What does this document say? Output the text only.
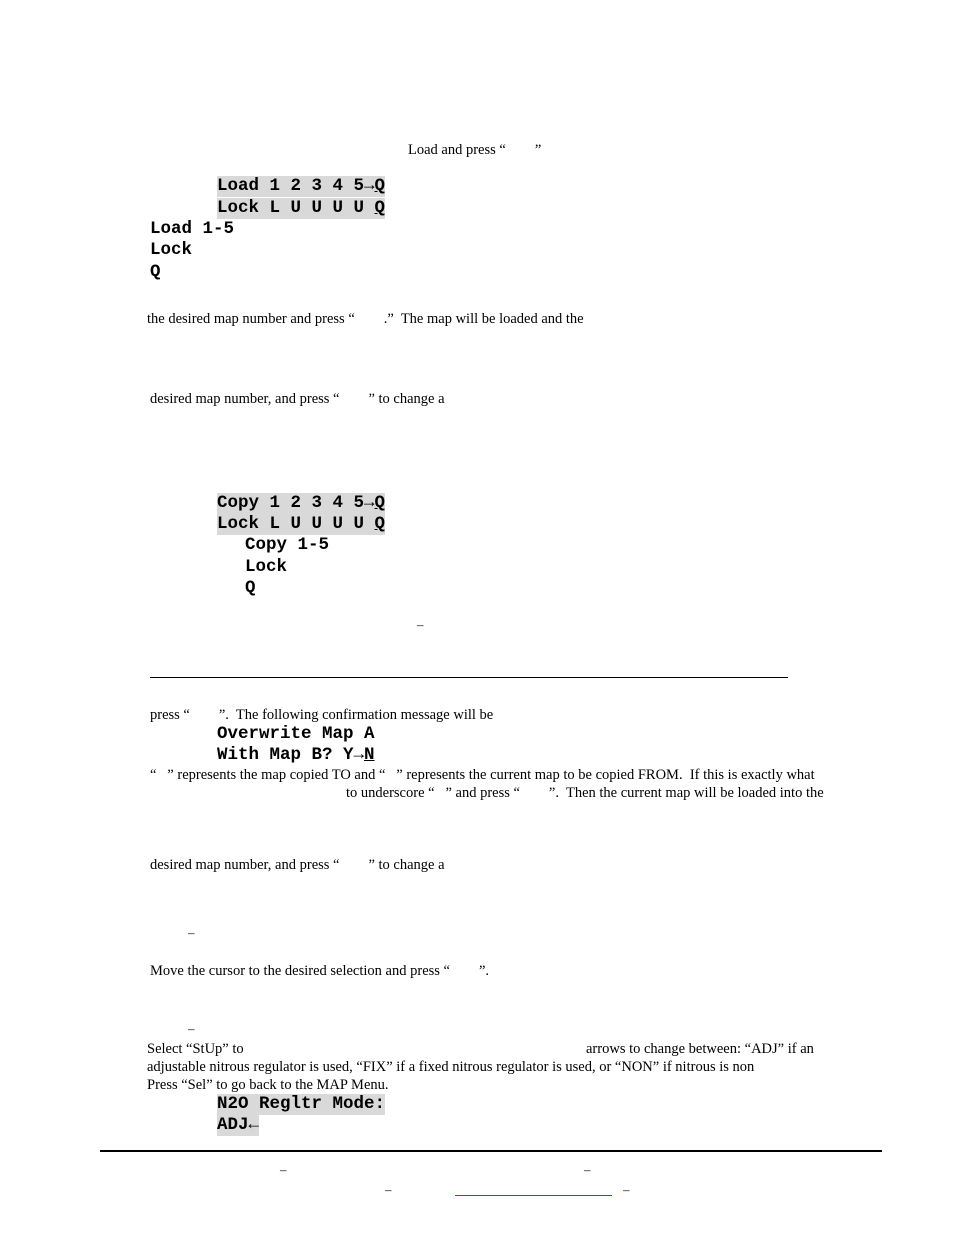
Load and press “        ”
Load 1 2 3 4 5→Q
Lock L U U U U Q
Load 1-5
Lock
Q
the desired map number and press “        .”  The map will be loaded and the
desired map number, and press “        ” to change a
Copy 1 2 3 4 5→Q
Lock L U U U U Q
Copy 1-5
Lock
Q
–
press “        ”.  The following confirmation message will be
Overwrite Map A
With Map B? Y→N
“   ” represents the map copied TO and “   ” represents the current map to be copied FROM.  If this is exactly what
to underscore “   ” and press “        ”.  Then the current map will be loaded into the
desired map number, and press “        ” to change a
–
Move the cursor to the desired selection and press “        ”.
–
Select “StUp” to	arrows to change between: “ADJ” if an
adjustable nitrous regulator is used, “FIX” if a fixed nitrous regulator is used, or “NON” if nitrous is non
Press “Sel” to go back to the MAP Menu.
N2O Regltr Mode:
ADJ←
–	–
–	–
